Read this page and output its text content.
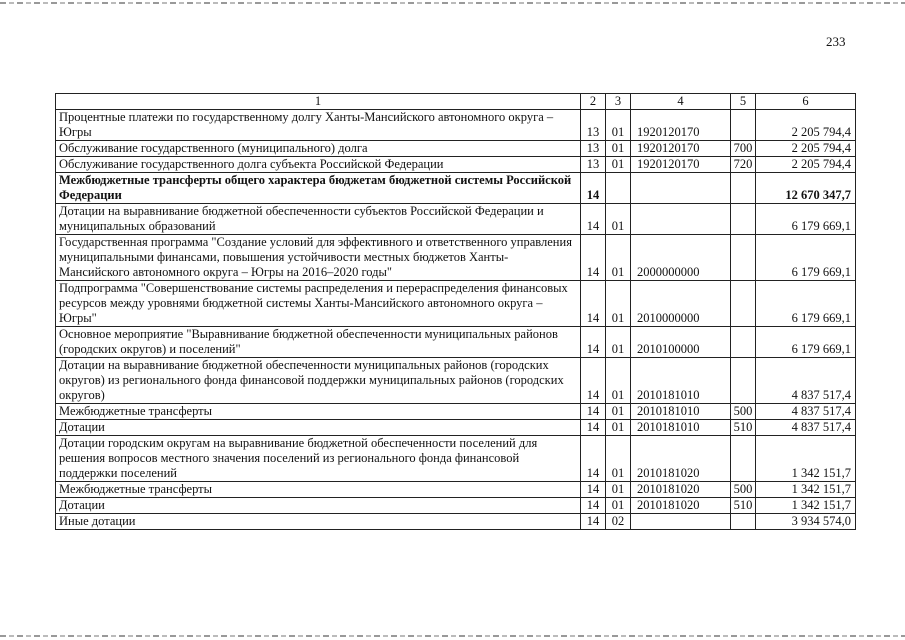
233
1	2	3	4	5	6
Процентные платежи по государственному долгу Ханты-Мансийского автономного округа – Югры	13	01	1920120170		2 205 794,4
Обслуживание государственного (муниципального) долга	13	01	1920120170	700	2 205 794,4
Обслуживание государственного долга субъекта Российской Федерации	13	01	1920120170	720	2 205 794,4
Межбюджетные трансферты общего характера бюджетам бюджетной системы Российской Федерации	14				12 670 347,7
Дотации на выравнивание бюджетной обеспеченности субъектов Российской Федерации и муниципальных образований	14	01			6 179 669,1
Государственная программа "Создание условий для эффективного и ответственного управления муниципальными финансами, повышения устойчивости местных бюджетов Ханты-Мансийского автономного округа – Югры на 2016–2020 годы"	14	01	2000000000		6 179 669,1
Подпрограмма "Совершенствование системы распределения и перераспределения финансовых ресурсов между уровнями бюджетной системы Ханты-Мансийского автономного округа – Югры"	14	01	2010000000		6 179 669,1
Основное мероприятие "Выравнивание бюджетной обеспеченности муниципальных районов (городских округов) и поселений"	14	01	2010100000		6 179 669,1
Дотации на выравнивание бюджетной обеспеченности муниципальных районов (городских округов) из регионального фонда финансовой поддержки муниципальных районов (городских округов)	14	01	2010181010		4 837 517,4
Межбюджетные трансферты	14	01	2010181010	500	4 837 517,4
Дотации	14	01	2010181010	510	4 837 517,4
Дотации городским округам на выравнивание бюджетной обеспеченности поселений для решения вопросов местного значения поселений из регионального фонда финансовой поддержки поселений	14	01	2010181020		1 342 151,7
Межбюджетные трансферты	14	01	2010181020	500	1 342 151,7
Дотации	14	01	2010181020	510	1 342 151,7
Иные дотации	14	02			3 934 574,0
